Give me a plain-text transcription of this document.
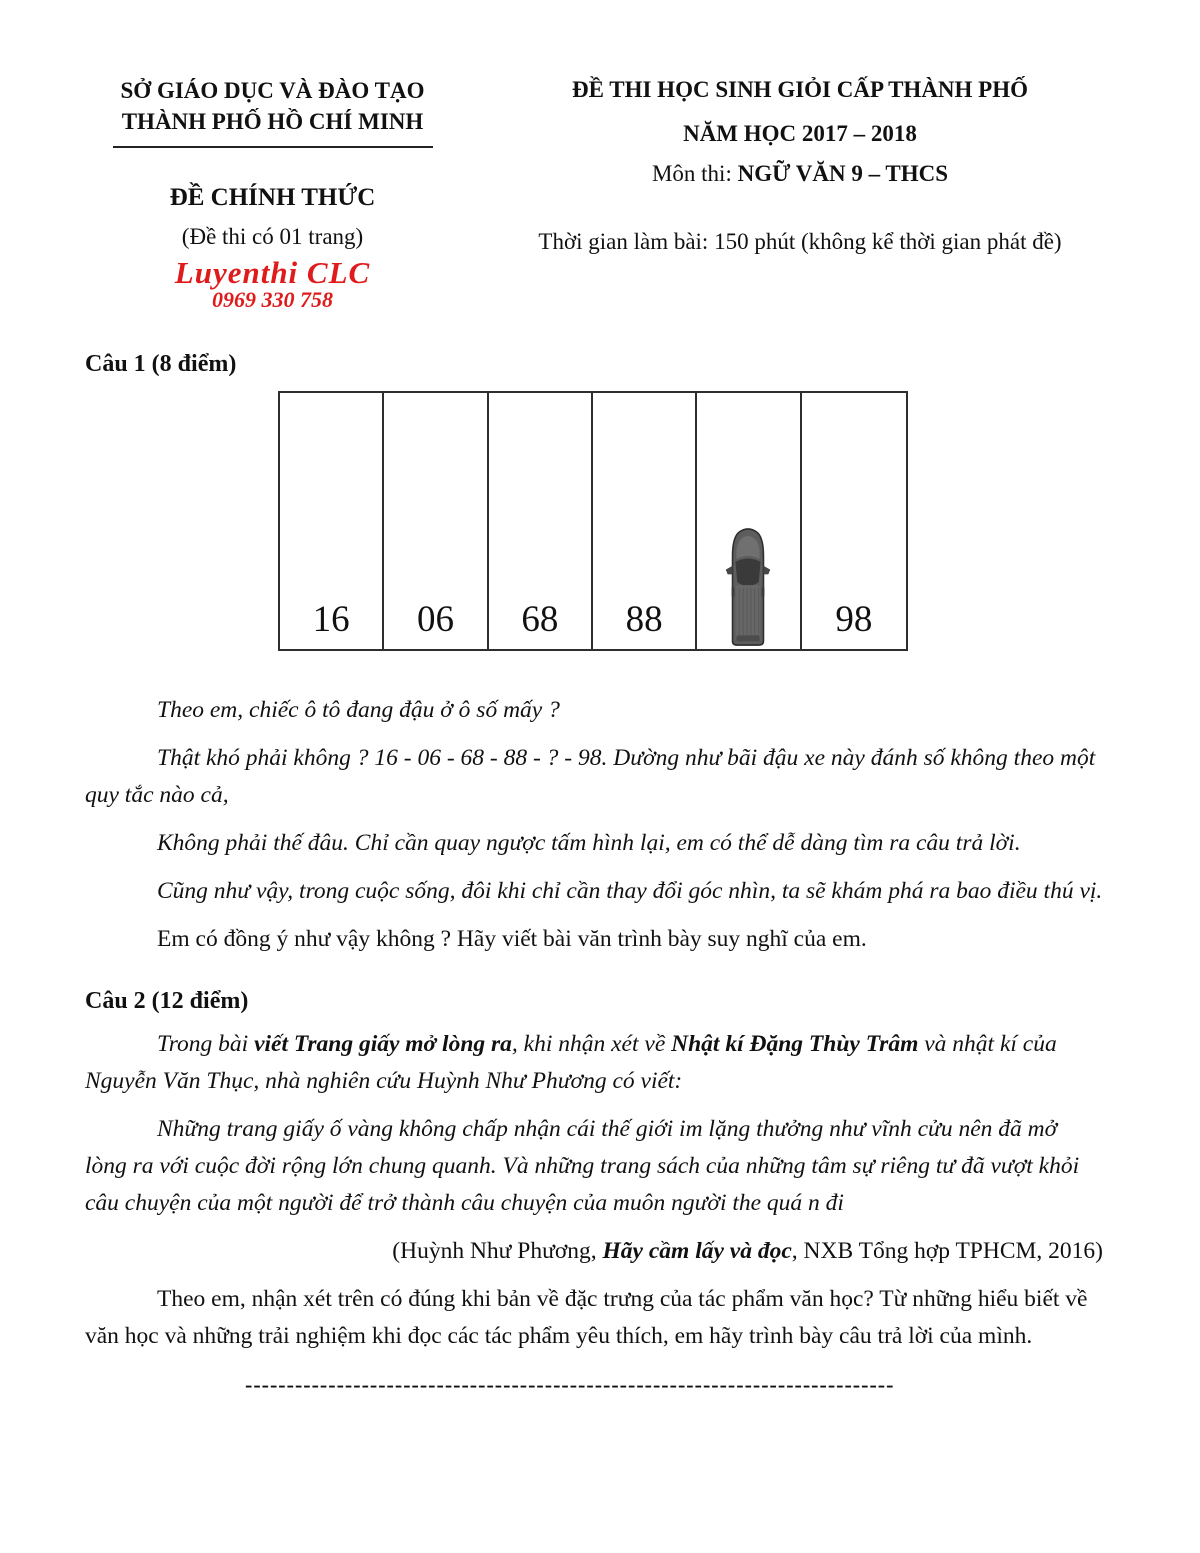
SỞ GIÁO DỤC VÀ ĐÀO TẠO
THÀNH PHỐ HỒ CHÍ MINH
ĐỀ CHÍNH THỨC
(Đề thi có 01 trang)
Luyenthi CLC
0969 330 758
ĐỀ THI HỌC SINH GIỎI CẤP THÀNH PHỐ
NĂM HỌC 2017 – 2018
Môn thi: NGỮ VĂN 9 – THCS
Thời gian làm bài: 150 phút (không kể thời gian phát đề)
Câu 1 (8 điểm)
16 06 68 88	98

Theo em, chiếc ô tô đang đậu ở ô số mấy ?

Thật khó phải không ? 16 - 06 - 68 - 88 - ? - 98. Dường như bãi đậu xe này đánh số không theo một quy tắc nào cả,

Không phải thế đâu. Chỉ cần quay ngược tấm hình lại, em có thể dễ dàng tìm ra câu trả lời.

Cũng như vậy, trong cuộc sống, đôi khi chỉ cần thay đổi góc nhìn, ta sẽ khám phá ra bao điều thú vị.

Em có đồng ý như vậy không ? Hãy viết bài văn trình bày suy nghĩ của em.

Câu 2 (12 điểm)

Trong bài viết Trang giấy mở lòng ra, khi nhận xét về Nhật kí Đặng Thùy Trâm và nhật kí của Nguyễn Văn Thục, nhà nghiên cứu Huỳnh Như Phương có viết:

Những trang giấy ố vàng không chấp nhận cái thế giới im lặng thưởng như vĩnh cửu nên đã mở lòng ra với cuộc đời rộng lớn chung quanh. Và những trang sách của những tâm sự riêng tư đã vượt khỏi câu chuyện của một người để trở thành câu chuyện của muôn người the quá n đi

(Huỳnh Như Phương, Hãy cầm lấy và đọc, NXB Tổng hợp TPHCM, 2016)

Theo em, nhận xét trên có đúng khi bản về đặc trưng của tác phẩm văn học? Từ những hiểu biết về văn học và những trải nghiệm khi đọc các tác phẩm yêu thích, em hãy trình bày câu trả lời của mình.

------------------------------------------------------------------------------
